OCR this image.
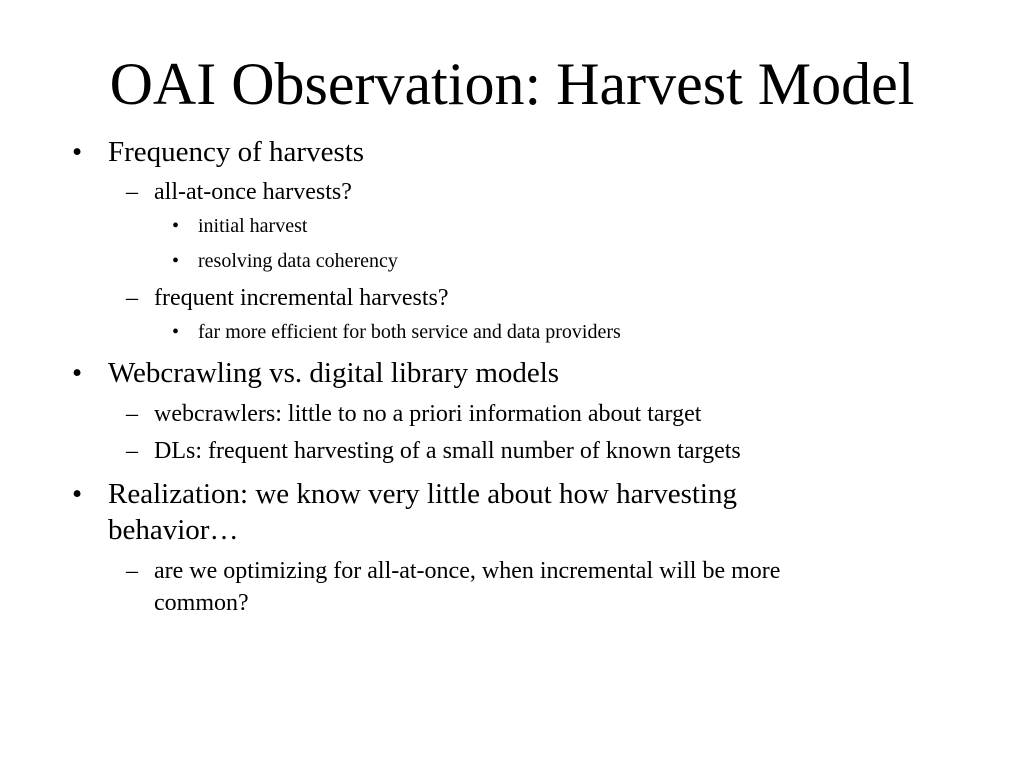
OAI Observation: Harvest Model
• Frequency of harvests
– all-at-once harvests?
• initial harvest
• resolving data coherency
– frequent incremental harvests?
• far more efficient for both service and data providers
• Webcrawling vs. digital library models
– webcrawlers: little to no a priori information about target
– DLs: frequent harvesting of a small number of known targets
• Realization: we know very little about how harvesting
behavior…
– are we optimizing for all-at-once, when incremental will be more
common?
